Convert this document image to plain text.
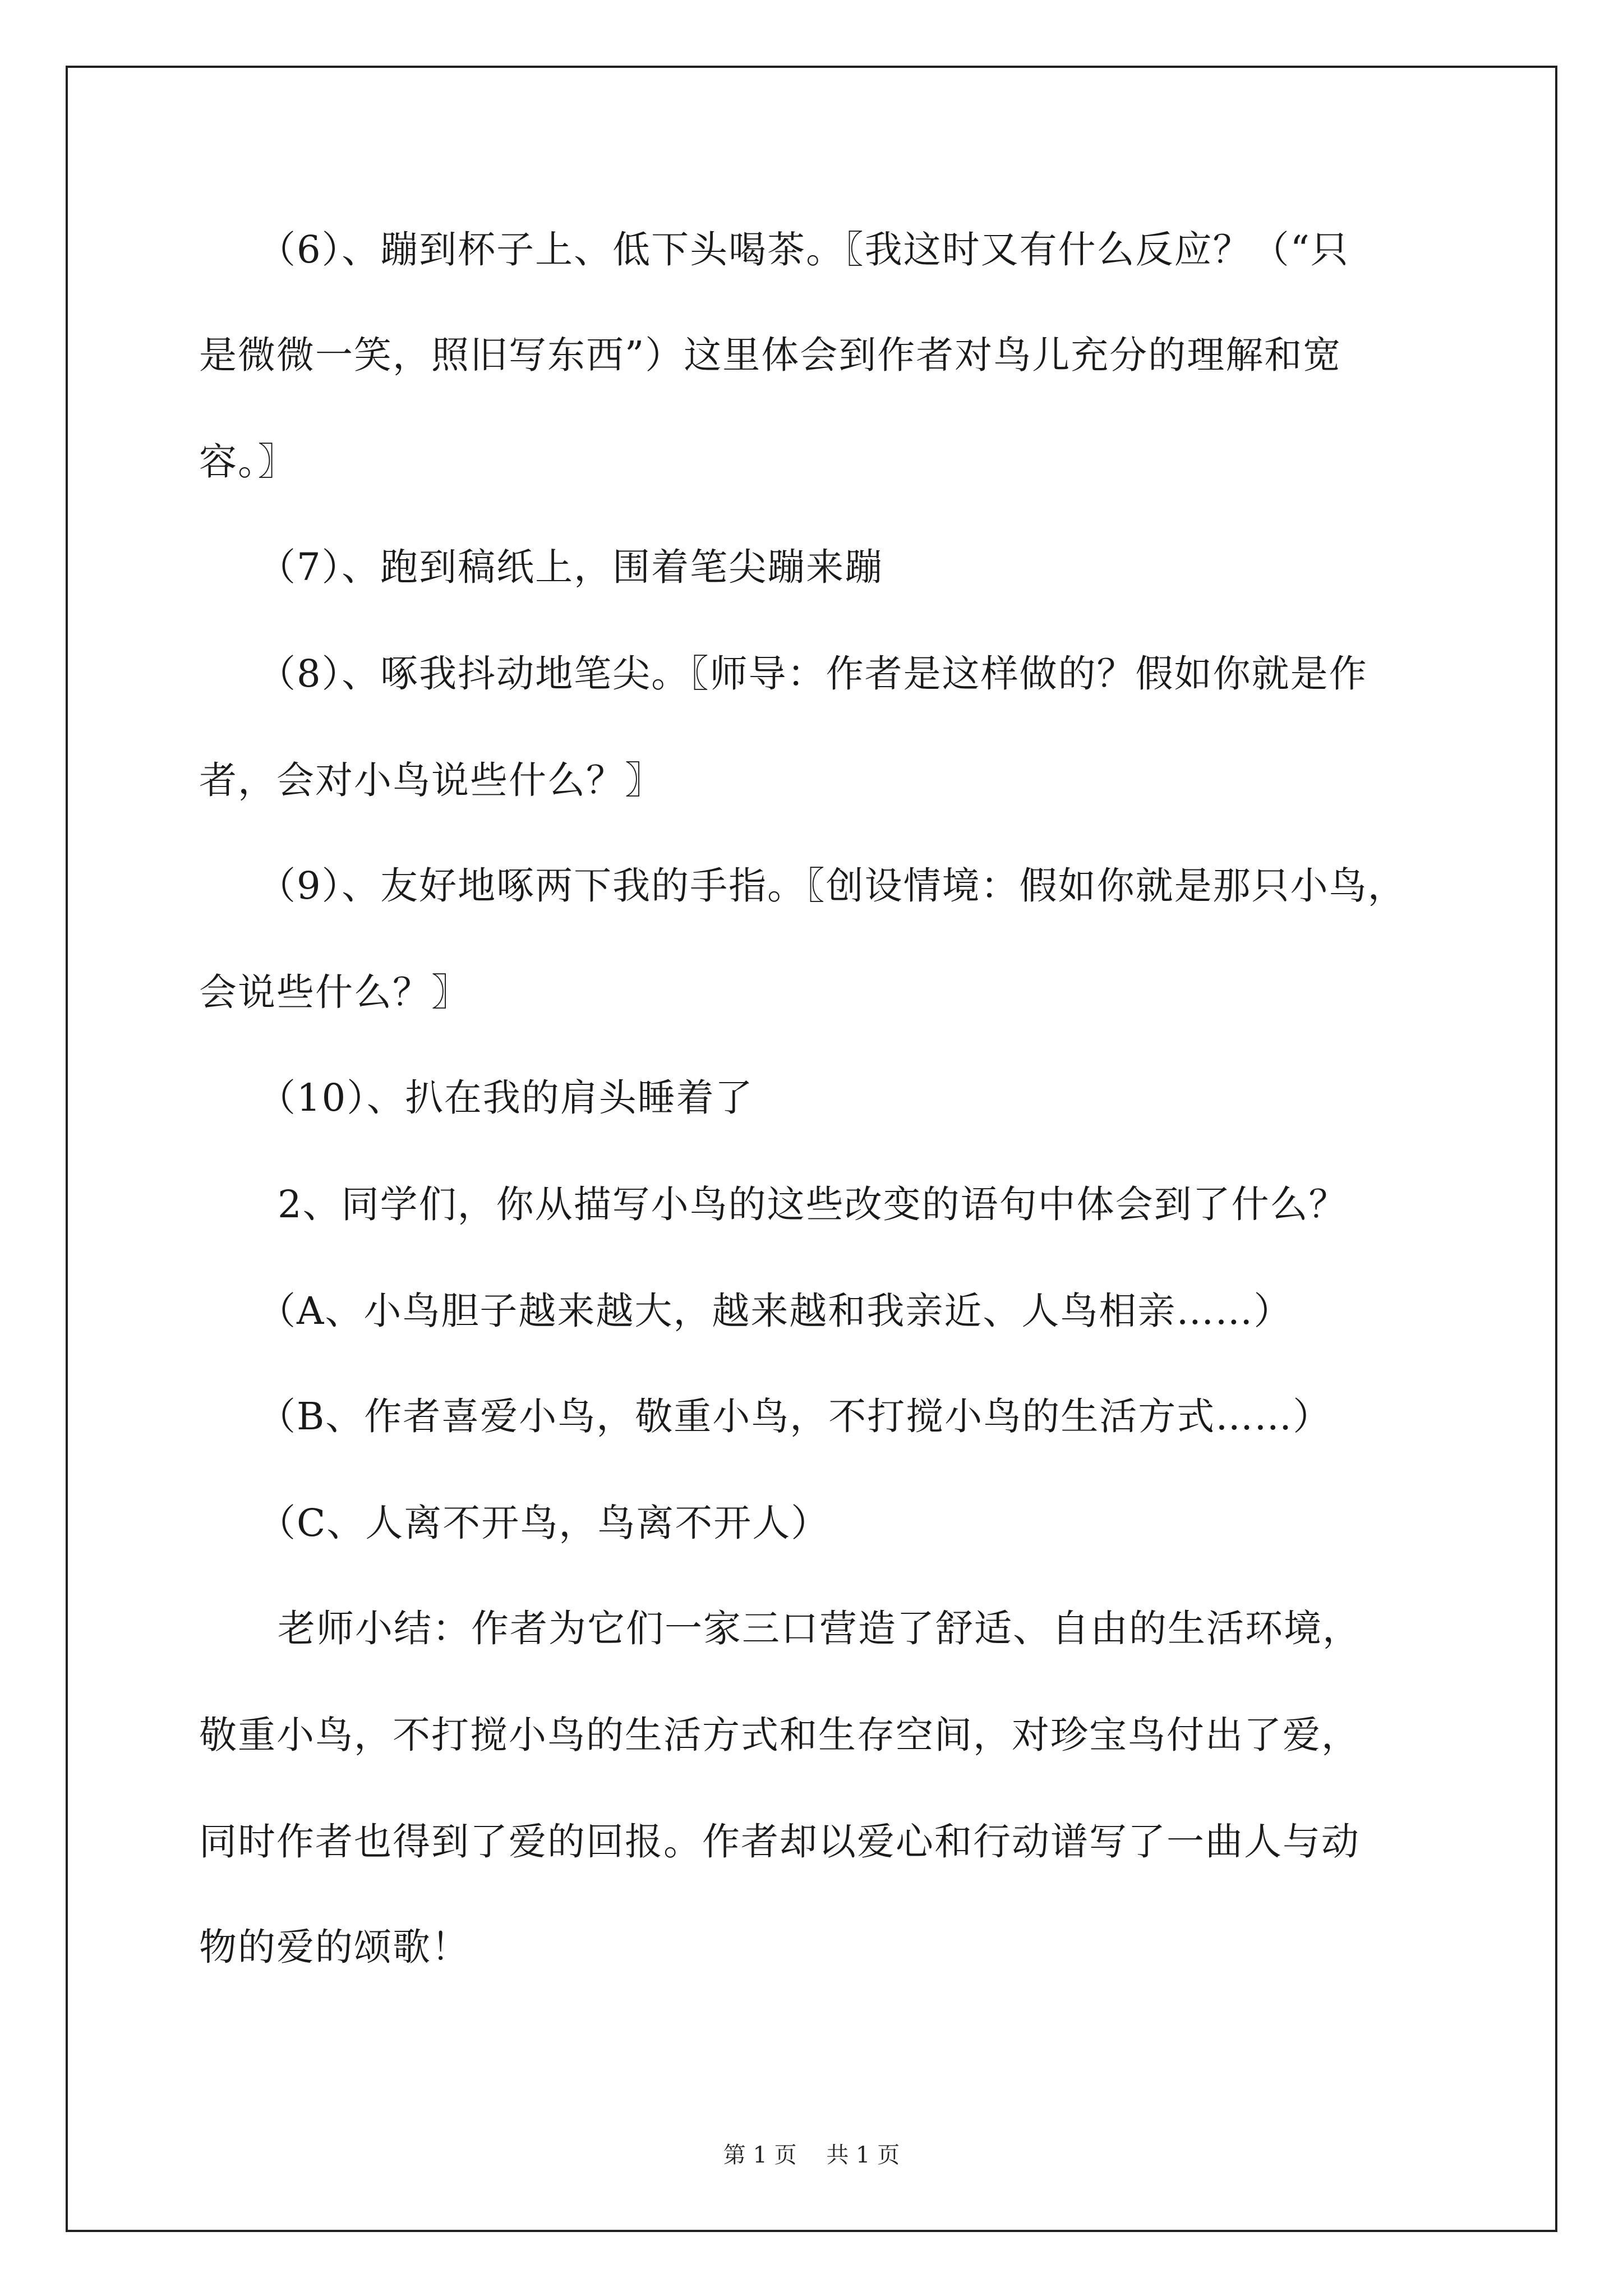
（6）、蹦到杯子上、低下头喝茶。〖我这时又有什么反应？（“只
是微微一笑，照旧写东西”）这里体会到作者对鸟儿充分的理解和宽
容。〗
（7）、跑到稿纸上，围着笔尖蹦来蹦
（8）、啄我抖动地笔尖。〖师导：作者是这样做的？假如你就是作
者，会对小鸟说些什么？〗
（9）、友好地啄两下我的手指。〖创设情境：假如你就是那只小鸟，
会说些什么？〗
（10）、扒在我的肩头睡着了
2、同学们，你从描写小鸟的这些改变的语句中体会到了什么？
（A、小鸟胆子越来越大，越来越和我亲近、人鸟相亲……）
（B、作者喜爱小鸟，敬重小鸟，不打搅小鸟的生活方式……）
（C、人离不开鸟，鸟离不开人）
老师小结：作者为它们一家三口营造了舒适、自由的生活环境，
敬重小鸟，不打搅小鸟的生活方式和生存空间，对珍宝鸟付出了爱，
同时作者也得到了爱的回报。作者却以爱心和行动谱写了一曲人与动
物的爱的颂歌！
第 1 页　 共 1 页
